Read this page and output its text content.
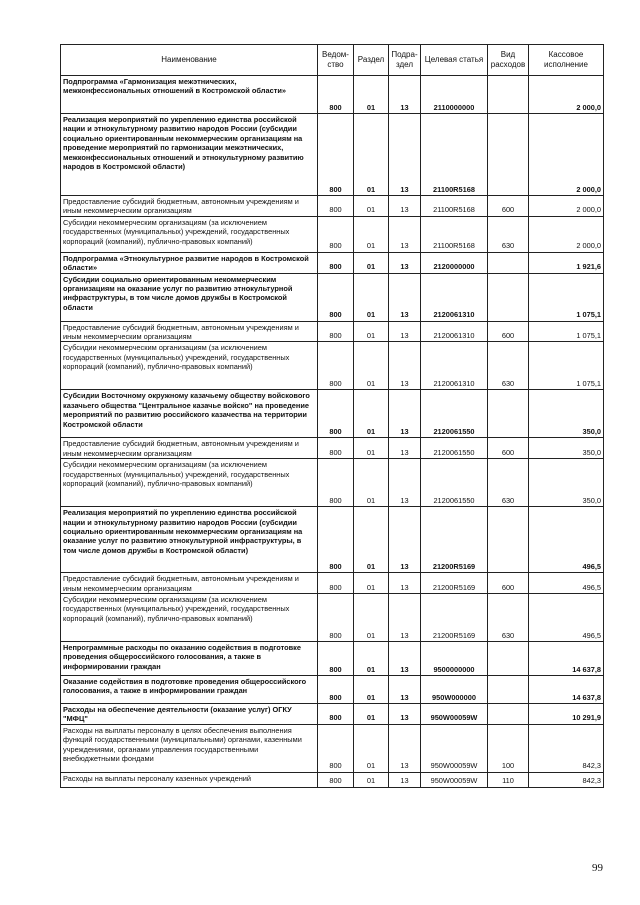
Наименование	Ведом-ство	Раздел	Подра-здел	Целевая статья	Вид расходов	Кассовое исполнение
Подпрограмма «Гармонизация межэтнических, межконфессиональных отношений в Костромской области»	800	01	13	2110000000		2 000,0
Реализация мероприятий по укреплению единства российской нации и этнокультурному развитию народов России (субсидии социально ориентированным некоммерческим организациям на проведение мероприятий по гармонизации межэтнических, межконфессиональных отношений и этнокультурному развитию народов в Костромской области)	800	01	13	21100R5168		2 000,0
Предоставление субсидий бюджетным, автономным учреждениям и иным некоммерческим организациям	800	01	13	21100R5168	600	2 000,0
Субсидии некоммерческим организациям (за исключением государственных (муниципальных) учреждений, государственных корпораций (компаний), публично-правовых компаний)	800	01	13	21100R5168	630	2 000,0
Подпрограмма «Этнокультурное развитие народов в Костромской области»	800	01	13	2120000000		1 921,6
Субсидии социально ориентированным некоммерческим организациям на оказание услуг по развитию этнокультурной инфраструктуры, в том числе домов дружбы в Костромской области	800	01	13	2120061310		1 075,1
Предоставление субсидий бюджетным, автономным учреждениям и иным некоммерческим организациям	800	01	13	2120061310	600	1 075,1
Субсидии некоммерческим организациям (за исключением государственных (муниципальных) учреждений, государственных корпораций (компаний), публично-правовых компаний)	800	01	13	2120061310	630	1 075,1
Субсидии Восточному окружному казачьему обществу войскового казачьего общества "Центральное казачье войско" на проведение мероприятий по развитию российского казачества на территории Костромской области	800	01	13	2120061550		350,0
Предоставление субсидий бюджетным, автономным учреждениям и иным некоммерческим организациям	800	01	13	2120061550	600	350,0
Субсидии некоммерческим организациям (за исключением государственных (муниципальных) учреждений, государственных корпораций (компаний), публично-правовых компаний)	800	01	13	2120061550	630	350,0
Реализация мероприятий по укреплению единства российской нации и этнокультурному развитию народов России (субсидии социально ориентированным некоммерческим организациям на оказание услуг по развитию этнокультурной инфраструктуры, в том числе домов дружбы в Костромской области)	800	01	13	21200R5169		496,5
Предоставление субсидий бюджетным, автономным учреждениям и иным некоммерческим организациям	800	01	13	21200R5169	600	496,5
Субсидии некоммерческим организациям (за исключением государственных (муниципальных) учреждений, государственных корпораций (компаний), публично-правовых компаний)	800	01	13	21200R5169	630	496,5
Непрограммные расходы по оказанию содействия в подготовке проведения общероссийского голосования, а также в информировании граждан	800	01	13	9500000000		14 637,8
Оказание содействия в подготовке проведения общероссийского голосования, а также в информировании граждан	800	01	13	950W000000		14 637,8
Расходы на обеспечение деятельности (оказание услуг) ОГКУ "МФЦ"	800	01	13	950W00059W		10 291,9
Расходы на выплаты персоналу в целях обеспечения выполнения функций государственными (муниципальными) органами, казенными учреждениями, органами управления государственными внебюджетными фондами	800	01	13	950W00059W	100	842,3
Расходы на выплаты персоналу казенных учреждений	800	01	13	950W00059W	110	842,3
99
